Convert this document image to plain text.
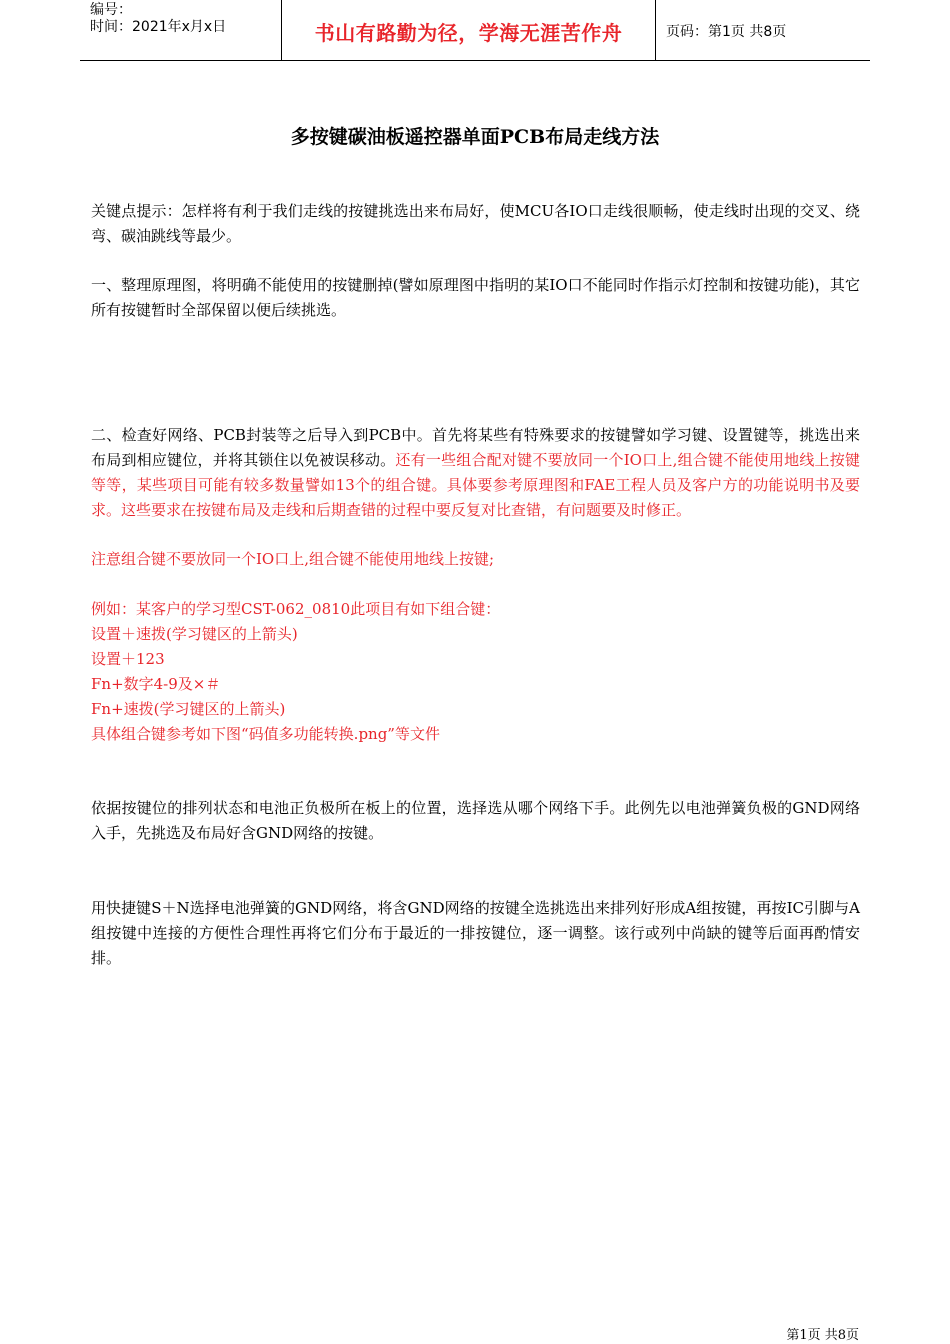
编号：
时间：2021年x月x日	书山有路勤为径，学海无涯苦作舟	页码：第1页 共8页
多按键碳油板遥控器单面PCB布局走线方法

关键点提示：怎样将有利于我们走线的按键挑选出来布局好，使MCU各IO口走线很顺畅，使走线时出现的交叉、绕弯、碳油跳线等最少。

一、整理原理图，将明确不能使用的按键删掉(譬如原理图中指明的某IO口不能同时作指示灯控制和按键功能)，其它所有按键暂时全部保留以便后续挑选。

二、检查好网络、PCB封装等之后导入到PCB中。首先将某些有特殊要求的按键譬如学习键、设置键等，挑选出来布局到相应键位，并将其锁住以免被误移动。还有一些组合配对键不要放同一个IO口上,组合键不能使用地线上按键等等，某些项目可能有较多数量譬如13个的组合键。具体要参考原理图和FAE工程人员及客户方的功能说明书及要求。这些要求在按键布局及走线和后期查错的过程中要反复对比查错，有问题要及时修正。

注意组合键不要放同一个IO口上,组合键不能使用地线上按键;

例如：某客户的学习型CST-062_0810此项目有如下组合键：
设置＋速拨(学习键区的上箭头)
设置＋123
Fn+数字4-9及×＃
Fn+速拨(学习键区的上箭头)
具体组合键参考如下图“码值多功能转换.png”等文件

依据按键位的排列状态和电池正负极所在板上的位置，选择选从哪个网络下手。此例先以电池弹簧负极的GND网络入手，先挑选及布局好含GND网络的按键。

用快捷键S＋N选择电池弹簧的GND网络，将含GND网络的按键全选挑选出来排列好形成A组按键，再按IC引脚与A组按键中连接的方便性合理性再将它们分布于最近的一排按键位，逐一调整。该行或列中尚缺的键等后面再酌情安排。

第1页 共8页
